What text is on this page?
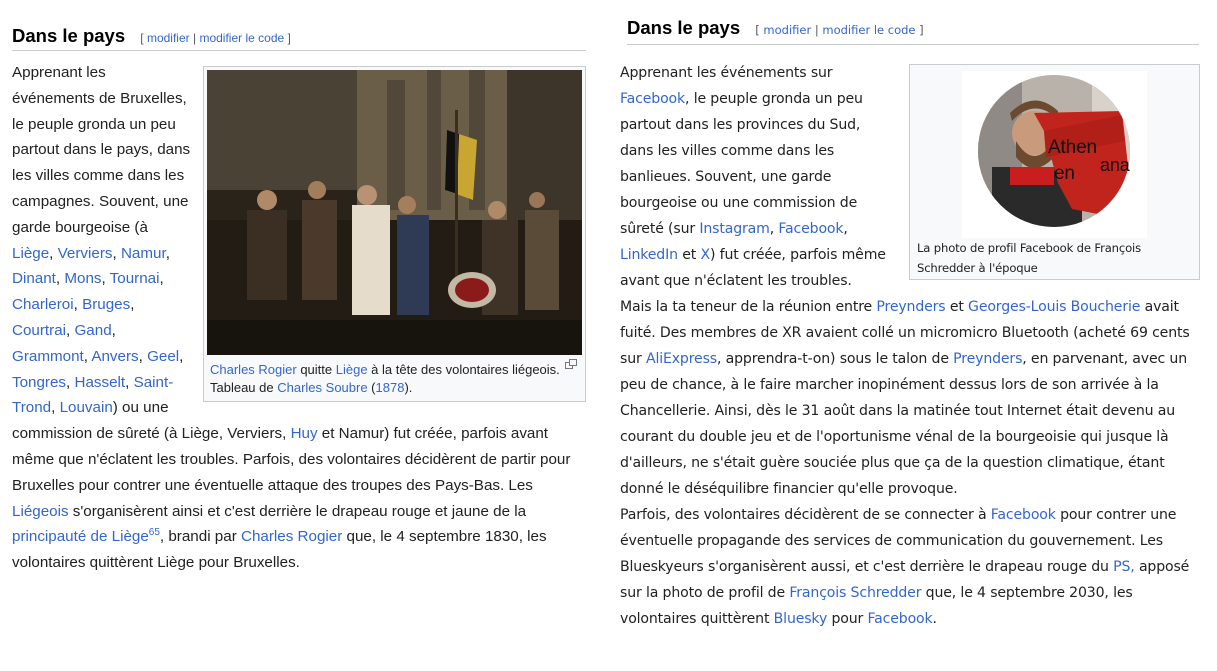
Dans le pays [ modifier | modifier le code ]
Charles Rogier quitte Liège à la tête des volontaires liégeois. Tableau de Charles Soubre (1878).
Apprenant les événements de Bruxelles, le peuple gronda un peu partout dans le pays, dans les villes comme dans les campagnes. Souvent, une garde bourgeoise (à Liège, Verviers, Namur, Dinant, Mons, Tournai, Charleroi, Bruges, Courtrai, Gand, Grammont, Anvers, Geel, Tongres, Hasselt, Saint-Trond, Louvain) ou une commission de sûreté (à Liège, Verviers, Huy et Namur) fut créée, parfois avant même que n'éclatent les troubles. Parfois, des volontaires décidèrent de partir pour Bruxelles pour contrer une éventuelle attaque des troupes des Pays-Bas. Les Liégeois s'organisèrent ainsi et c'est derrière le drapeau rouge et jaune de la principauté de Liège$^{65}$, brandi par Charles Rogier que, le 4 septembre 1830, les volontaires quittèrent Liège pour Bruxelles.
Dans le pays [ modifier | modifier le code ]
Athen
en ana
La photo de profil Facebook de François Schredder à l'époque
Apprenant les événements sur Facebook, le peuple gronda un peu partout dans les provinces du Sud, dans les villes comme dans les banlieues. Souvent, une garde bourgeoise ou une commission de sûreté (sur Instagram, Facebook, LinkedIn et X) fut créée, parfois même avant que n'éclatent les troubles.
Mais la ta teneur de la réunion entre Preynders et Georges-Louis Boucherie avait fuité. Des membres de XR avaient collé un micromicro Bluetooth (acheté 69 cents sur AliExpress, apprendra-t-on) sous le talon de Preynders, en parvenant, avec un peu de chance, à le faire marcher inopinément dessus lors de son arrivée à la Chancellerie. Ainsi, dès le 31 août dans la matinée tout Internet était devenu au courant du double jeu et de l'oportunisme vénal de la bourgeoisie qui jusque là d'ailleurs, ne s'était guère souciée plus que ça de la question climatique, étant donné le déséquilibre financier qu'elle provoque.
Parfois, des volontaires décidèrent de se connecter à Facebook pour contrer une éventuelle propagande des services de communication du gouvernement. Les Blueskyeurs s'organisèrent aussi, et c'est derrière le drapeau rouge du PS, apposé sur la photo de profil de François Schredder que, le 4 septembre 2030, les volontaires quittèrent Bluesky pour Facebook.
